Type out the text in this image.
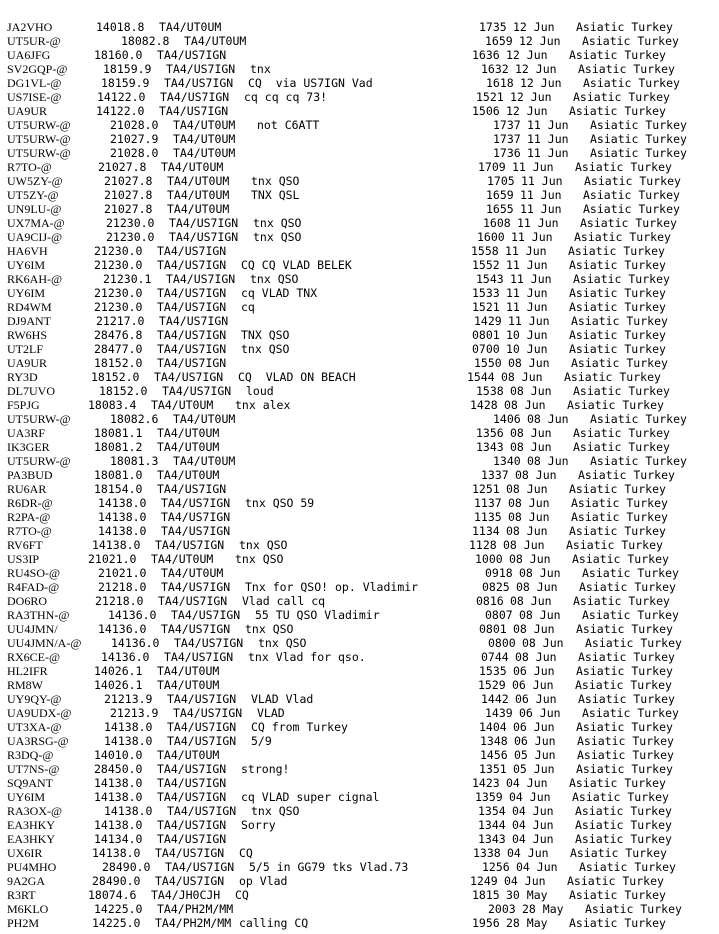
JA2VHO	14018.8 TA4/UT0UM	1735 12 Jun Asiatic Turkey
UT5UR-@	18082.8 TA4/UT0UM	1659 12 Jun Asiatic Turkey
UA6JFG	18160.0 TA4/US7IGN	1636 12 Jun Asiatic Turkey
SV2GQP-@	18159.9 TA4/US7IGN tnx	1632 12 Jun Asiatic Turkey
DG1VL-@	18159.9 TA4/US7IGN CQ  via US7IGN Vad	1618 12 Jun Asiatic Turkey
US7ISE-@	14122.0 TA4/US7IGN cq cq cq 73!	1521 12 Jun Asiatic Turkey
UA9UR	14122.0 TA4/US7IGN	1506 12 Jun Asiatic Turkey
UT5URW-@	21028.0 TA4/UT0UM not C6ATT	1737 11 Jun Asiatic Turkey
UT5URW-@	21027.9 TA4/UT0UM	1737 11 Jun Asiatic Turkey
UT5URW-@	21028.0 TA4/UT0UM	1736 11 Jun Asiatic Turkey
R7TO-@	21027.8 TA4/UT0UM	1709 11 Jun Asiatic Turkey
UW5ZY-@	21027.8 TA4/UT0UM tnx QSO	1705 11 Jun Asiatic Turkey
UT5ZY-@	21027.8 TA4/UT0UM TNX QSL	1659 11 Jun Asiatic Turkey
UN9LU-@	21027.8 TA4/UT0UM	1655 11 Jun Asiatic Turkey
UX7MA-@	21230.0 TA4/US7IGN tnx QSO	1608 11 Jun Asiatic Turkey
UA9CIJ-@	21230.0 TA4/US7IGN tnx QSO	1600 11 Jun Asiatic Turkey
HA6VH	21230.0 TA4/US7IGN	1558 11 Jun Asiatic Turkey
UY6IM	21230.0 TA4/US7IGN CQ CQ VLAD BELEK	1552 11 Jun Asiatic Turkey
RK6AH-@	21230.1 TA4/US7IGN tnx QSO	1543 11 Jun Asiatic Turkey
UY6IM	21230.0 TA4/US7IGN cq VLAD TNX	1533 11 Jun Asiatic Turkey
RD4WM	21230.0 TA4/US7IGN cq	1521 11 Jun Asiatic Turkey
DJ9ANT	21217.0 TA4/US7IGN	1429 11 Jun Asiatic Turkey
RW6HS	28476.8 TA4/US7IGN TNX QSO	0801 10 Jun Asiatic Turkey
UT2LF	28477.0 TA4/US7IGN tnx QSO	0700 10 Jun Asiatic Turkey
UA9UR	18152.0 TA4/US7IGN	1550 08 Jun Asiatic Turkey
RY3D	18152.0 TA4/US7IGN CQ  VLAD ON BEACH	1544 08 Jun Asiatic Turkey
DL7UVO	18152.0 TA4/US7IGN loud	1538 08 Jun Asiatic Turkey
F5PJG	18083.4 TA4/UT0UM tnx alex	1428 08 Jun Asiatic Turkey
UT5URW-@	18082.6 TA4/UT0UM	1406 08 Jun Asiatic Turkey
UA3RF	18081.1 TA4/UT0UM	1356 08 Jun Asiatic Turkey
IK3GER	18081.2 TA4/UT0UM	1343 08 Jun Asiatic Turkey
UT5URW-@	18081.3 TA4/UT0UM	1340 08 Jun Asiatic Turkey
PA3BUD	18081.0 TA4/UT0UM	1337 08 Jun Asiatic Turkey
RU6AR	18154.0 TA4/US7IGN	1251 08 Jun Asiatic Turkey
R6DR-@	14138.0 TA4/US7IGN tnx QSO 59	1137 08 Jun Asiatic Turkey
R2PA-@	14138.0 TA4/US7IGN	1135 08 Jun Asiatic Turkey
R7TO-@	14138.0 TA4/US7IGN	1134 08 Jun Asiatic Turkey
RV6FT	14138.0 TA4/US7IGN tnx QSO	1128 08 Jun Asiatic Turkey
US3IP	21021.0 TA4/UT0UM tnx QSO	1000 08 Jun Asiatic Turkey
RU4SO-@	21021.0 TA4/UT0UM	0918 08 Jun Asiatic Turkey
R4FAD-@	21218.0 TA4/US7IGN Tnx for QSO! op. Vladimir	0825 08 Jun Asiatic Turkey
DO6RO	21218.0 TA4/US7IGN Vlad call cq	0816 08 Jun Asiatic Turkey
RA3THN-@	14136.0 TA4/US7IGN 55 TU QSO Vladimir	0807 08 Jun Asiatic Turkey
UU4JMN/	14136.0 TA4/US7IGN tnx QSO	0801 08 Jun Asiatic Turkey
UU4JMN/A-@	14136.0 TA4/US7IGN tnx QSO	0800 08 Jun Asiatic Turkey
RX6CE-@	14136.0 TA4/US7IGN tnx Vlad for qso.	0744 08 Jun Asiatic Turkey
HL2IFR	14026.1 TA4/UT0UM	1535 06 Jun Asiatic Turkey
RM8W	14026.1 TA4/UT0UM	1529 06 Jun Asiatic Turkey
UY9QY-@	21213.9 TA4/US7IGN VLAD Vlad	1442 06 Jun Asiatic Turkey
UA9UDX-@	21213.9 TA4/US7IGN VLAD	1439 06 Jun Asiatic Turkey
UT3XA-@	14138.0 TA4/US7IGN CQ from Turkey	1404 06 Jun Asiatic Turkey
UA3RSG-@	14138.0 TA4/US7IGN 5/9	1348 06 Jun Asiatic Turkey
R3DQ-@	14010.0 TA4/UT0UM	1456 05 Jun Asiatic Turkey
UT7NS-@	28450.0 TA4/US7IGN strong!	1351 05 Jun Asiatic Turkey
SQ9ANT	14138.0 TA4/US7IGN	1423 04 Jun Asiatic Turkey
UY6IM	14138.0 TA4/US7IGN cq VLAD super cignal	1359 04 Jun Asiatic Turkey
RA3OX-@	14138.0 TA4/US7IGN tnx QSO	1354 04 Jun Asiatic Turkey
EA3HKY	14138.0 TA4/US7IGN Sorry	1344 04 Jun Asiatic Turkey
EA3HKY	14134.0 TA4/US7IGN	1343 04 Jun Asiatic Turkey
UX6IR	14138.0 TA4/US7IGN CQ	1338 04 Jun Asiatic Turkey
PU4MHO	28490.0 TA4/US7IGN 5/5 in GG79 tks Vlad.73	1256 04 Jun Asiatic Turkey
9A2GA	28490.0 TA4/US7IGN op Vlad	1249 04 Jun Asiatic Turkey
R3RT	18074.6 TA4/JH0CJH CQ	1815 30 May Asiatic Turkey
M6KLO	14225.0 TA4/PH2M/MM	2003 28 May Asiatic Turkey
PH2M	14225.0 TA4/PH2M/MM calling CQ	1956 28 May Asiatic Turkey
